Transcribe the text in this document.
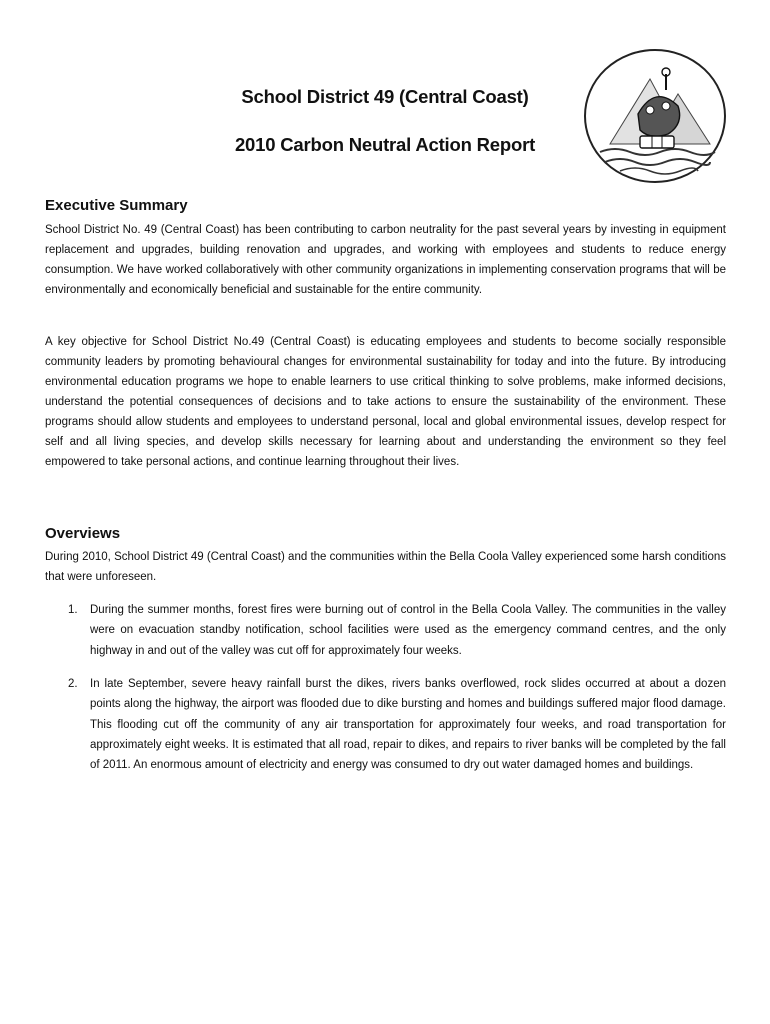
School District 49 (Central Coast)
2010 Carbon Neutral Action Report
Executive Summary

School District No. 49 (Central Coast) has been contributing to carbon neutrality for the past several years by investing in equipment replacement and upgrades, building renovation and upgrades, and working with employees and students to reduce energy consumption. We have worked collaboratively with other community organizations in implementing conservation programs that will be environmentally and economically beneficial and sustainable for the entire community.

A key objective for School District No.49 (Central Coast) is educating employees and students to become socially responsible community leaders by promoting behavioural changes for environmental sustainability for today and into the future. By introducing environmental education programs we hope to enable learners to use critical thinking to solve problems, make informed decisions, understand the potential consequences of decisions and to take actions to ensure the sustainability of the environment. These programs should allow students and employees to understand personal, local and global environmental issues, develop respect for self and all living species, and develop skills necessary for learning about and understanding the environment so they feel empowered to take personal actions, and continue learning throughout their lives.

Overviews

During 2010, School District 49 (Central Coast) and the communities within the Bella Coola Valley experienced some harsh conditions that were unforeseen.

1.	During the summer months, forest fires were burning out of control in the Bella Coola Valley. The communities in the valley were on evacuation standby notification, school facilities were used as the emergency command centres, and the only highway in and out of the valley was cut off for approximately four weeks.
2.	In late September, severe heavy rainfall burst the dikes, rivers banks overflowed, rock slides occurred at about a dozen points along the highway, the airport was flooded due to dike bursting and homes and buildings suffered major flood damage. This flooding cut off the community of any air transportation for approximately four weeks, and road transportation for approximately eight weeks. It is estimated that all road, repair to dikes, and repairs to river banks will be completed by the fall of 2011. An enormous amount of electricity and energy was consumed to dry out water damaged homes and buildings.
